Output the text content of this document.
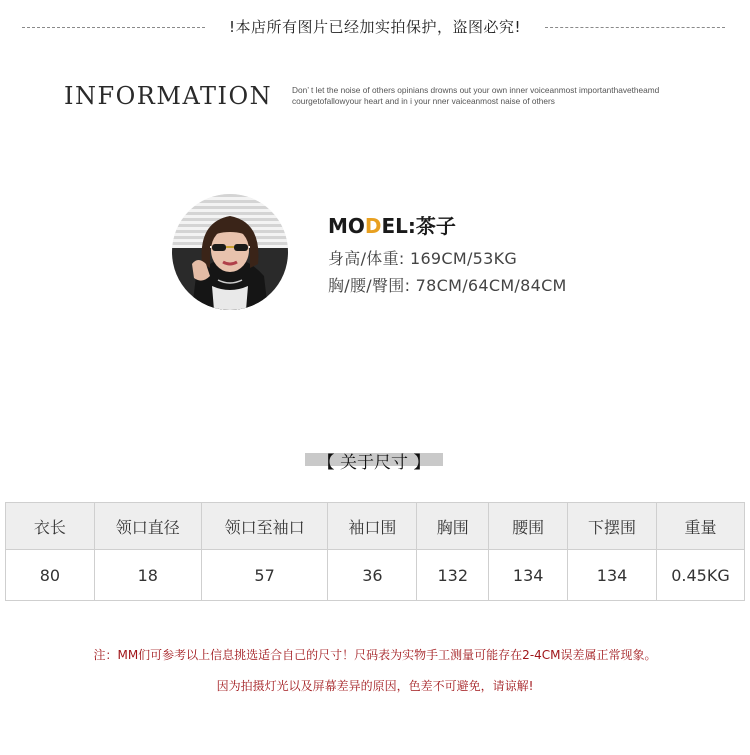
!本店所有图片已经加实拍保护，盗图必究!
INFORMATION Don’ t let the noise of others opinians drowns out your own inner voiceanmost importanthavetheamd
courgetofallowyour heart and in i your nner vaiceanmost naise of others
MODEL:茶子
身高/体重: 169CM/53KG
胸/腰/臀围: 78CM/64CM/84CM
【 关于尺寸 】
衣长	领口直径	领口至袖口	袖口围	胸围	腰围	下摆围	重量
80	18	57	36	132	134	134	0.45KG
注：MM们可参考以上信息挑选适合自己的尺寸！尺码表为实物手工测量可能存在2-4CM误差属正常现象。
因为拍摄灯光以及屏幕差异的原因，色差不可避免，请谅解!
